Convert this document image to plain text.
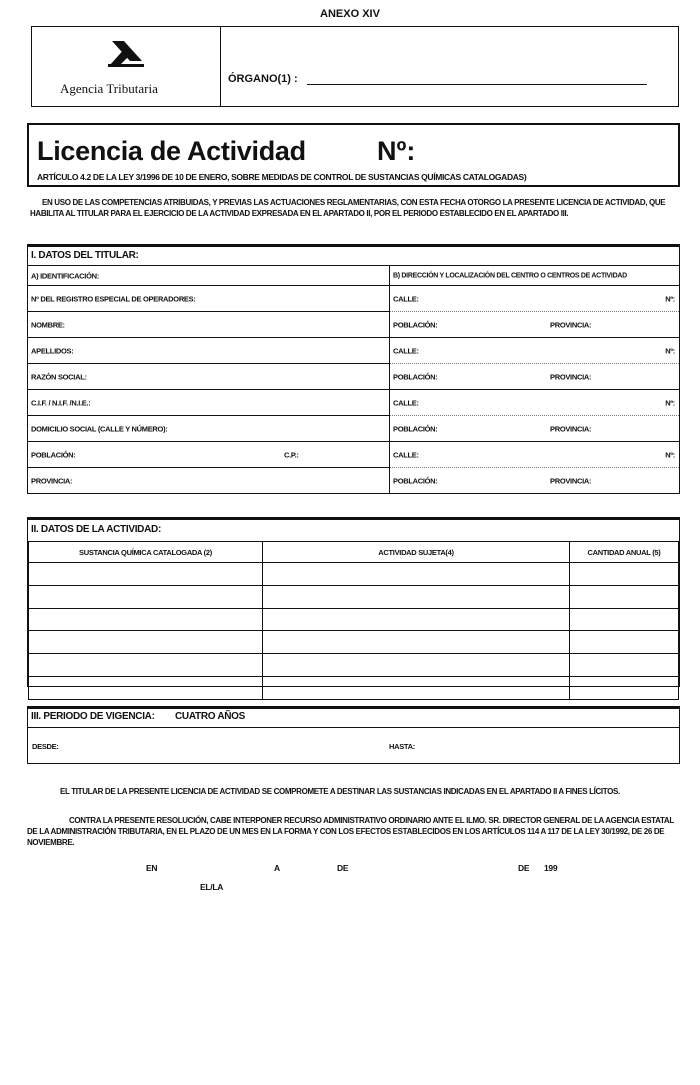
ANEXO XIV
Agencia Tributaria
ÓRGANO(1) :
Licencia de Actividad	Nº:
ARTÍCULO 4.2 DE LA LEY 3/1996 DE 10 DE ENERO, SOBRE MEDIDAS DE CONTROL DE SUSTANCIAS QUÍMICAS CATALOGADAS)
EN USO DE LAS COMPETENCIAS ATRIBUIDAS, Y PREVIAS LAS ACTUACIONES REGLAMENTARIAS, CON ESTA FECHA OTORGO LA PRESENTE LICENCIA DE ACTIVIDAD, QUE HABILITA AL TITULAR PARA EL EJERCICIO DE LA ACTIVIDAD EXPRESADA EN EL APARTADO II, POR EL PERIODO ESTABLECIDO EN EL APARTADO III.
I. DATOS DEL TITULAR:
A) IDENTIFICACIÓN:
Nº DEL REGISTRO ESPECIAL DE OPERADORES:
NOMBRE:
APELLIDOS:
RAZÓN SOCIAL:
C.I.F. / N.I.F. /N.I.E.:
DOMICILIO SOCIAL (CALLE Y NÚMERO):
POBLACIÓN:	C.P.:
PROVINCIA:
B) DIRECCIÓN Y LOCALIZACIÓN DEL CENTRO O CENTROS DE ACTIVIDAD
CALLE:	Nº:
POBLACIÓN:	PROVINCIA:
CALLE:	Nº:
POBLACIÓN:	PROVINCIA:
CALLE:	Nº:
POBLACIÓN:	PROVINCIA:
CALLE:	Nº:
POBLACIÓN:	PROVINCIA:
II. DATOS DE LA ACTIVIDAD:
SUSTANCIA QUÍMICA CATALOGADA (2)	ACTIVIDAD SUJETA(4)	CANTIDAD ANUAL (5)

III. PERIODO DE VIGENCIA: CUATRO AÑOS
DESDE:	HASTA:
EL TITULAR DE LA PRESENTE LICENCIA DE ACTIVIDAD SE COMPROMETE A DESTINAR LAS SUSTANCIAS INDICADAS EN EL APARTADO II A FINES LÍCITOS.
CONTRA LA PRESENTE RESOLUCIÓN, CABE INTERPONER RECURSO ADMINISTRATIVO ORDINARIO ANTE EL ILMO. SR. DIRECTOR GENERAL DE LA AGENCIA ESTATAL DE LA ADMINISTRACIÓN TRIBUTARIA, EN EL PLAZO DE UN MES EN LA FORMA Y CON LOS EFECTOS ESTABLECIDOS EN LOS ARTÍCULOS 114 A 117 DE LA LEY 30/1992, DE 26 DE NOVIEMBRE.
EN	A	DE	DE 199
EL/LA
